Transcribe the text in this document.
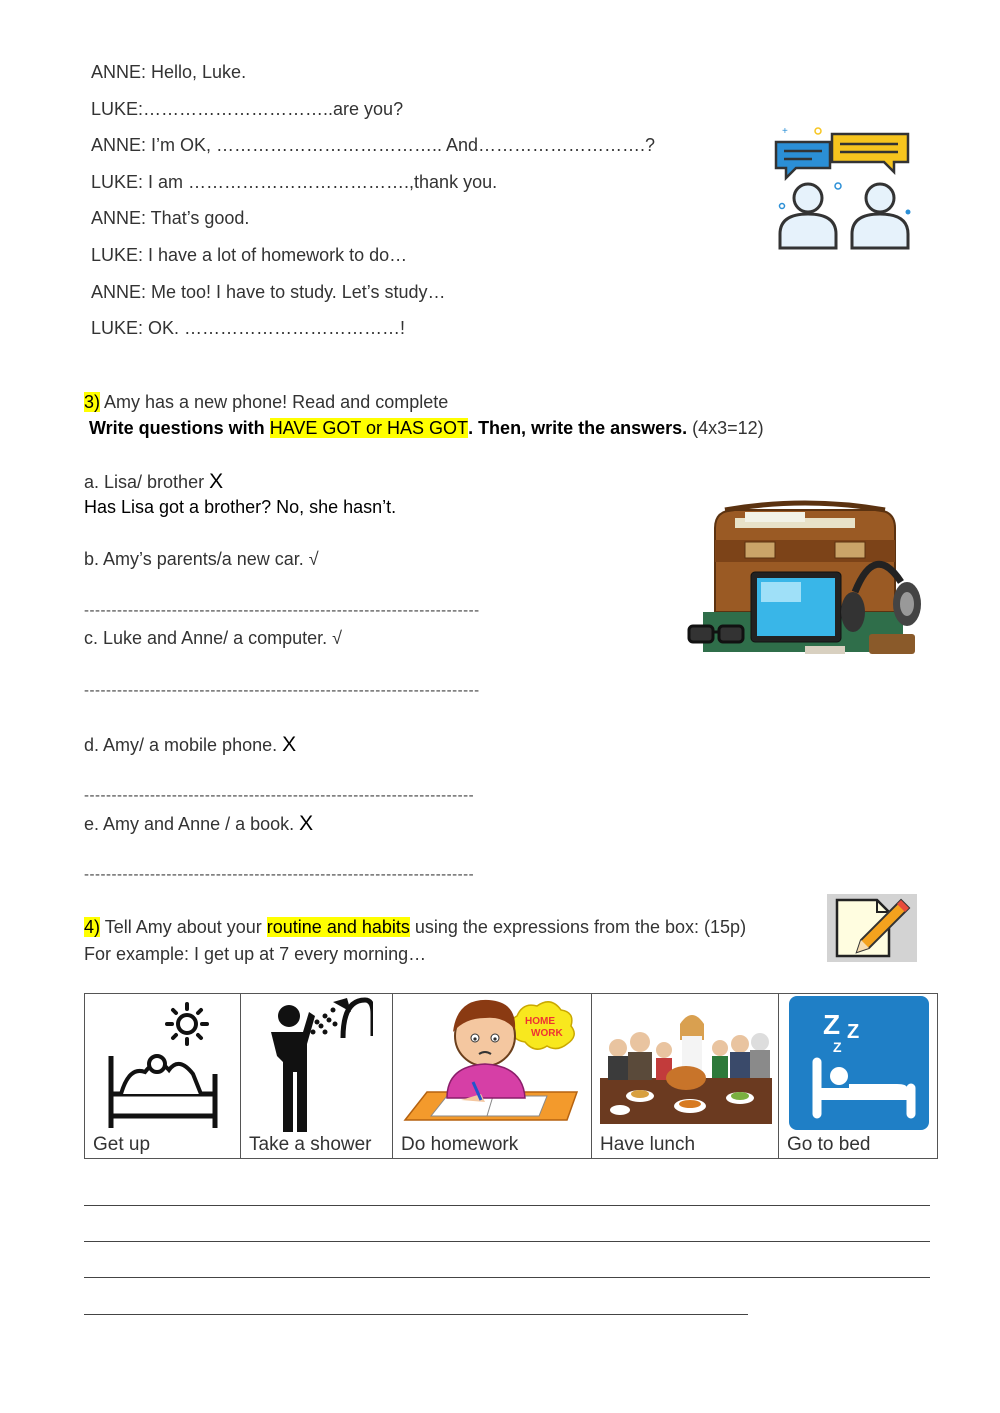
ANNE: Hello, Luke.
LUKE:…………………………..are you?
ANNE: I’m OK, ……………………………….. And……………………….?
LUKE: I am ……………………………….,thank you.
ANNE: That’s good.
LUKE: I have a lot of homework to do…
ANNE: Me too! I have to study. Let’s study…
LUKE: OK. ………………………………!
+
3) Amy has a new phone! Read and complete
Write questions with HAVE GOT or HAS GOT. Then, write the answers. (4x3=12)
a. Lisa/ brother X
Has Lisa got a brother? No, she hasn’t.
b. Amy’s parents/a new car. √
------------------------------------------------------------------------
c. Luke and Anne/ a computer. √
------------------------------------------------------------------------
d. Amy/ a mobile phone. X
-----------------------------------------------------------------------
e. Amy and Anne / a book. X
-----------------------------------------------------------------------
4) Tell Amy about your routine and habits using the expressions from the box: (15p)
For example: I get up at 7 every morning…
Get up	Take a shower

HOME
WORK
Do homework	Have lunch

Z Z
Z
Go to bed
